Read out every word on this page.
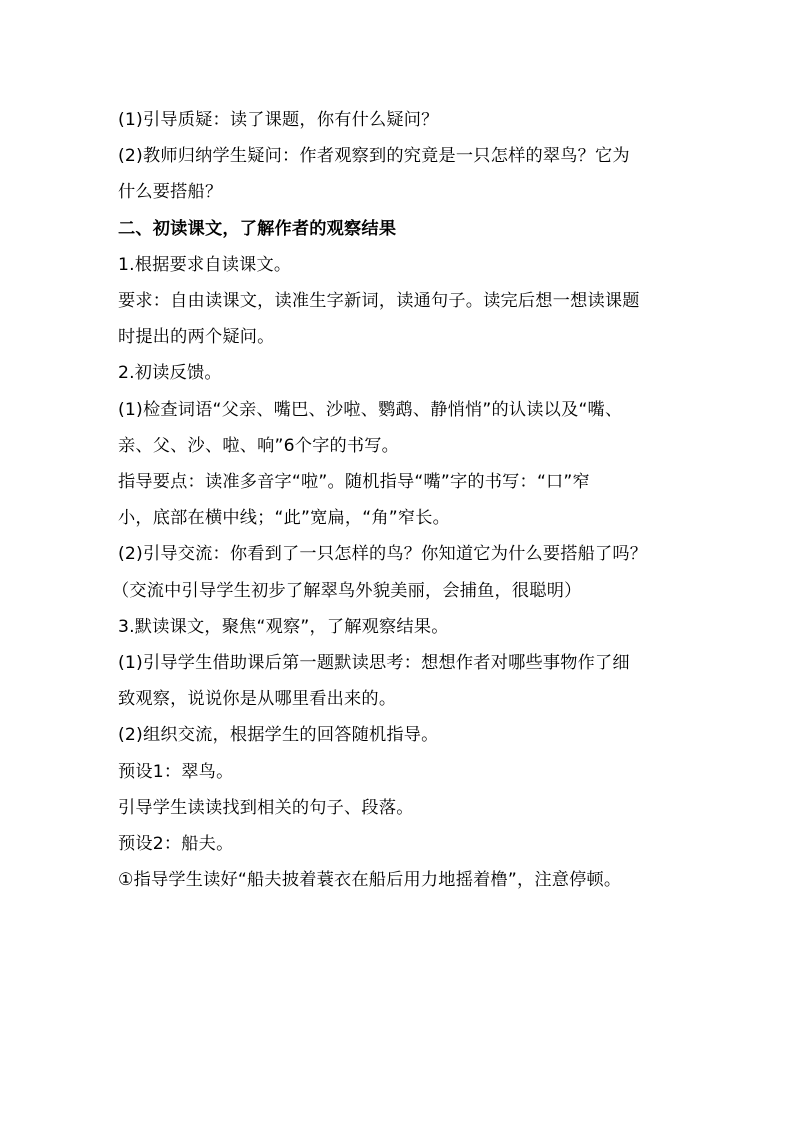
(1)引导质疑：读了课题，你有什么疑问？
(2)教师归纳学生疑问：作者观察到的究竟是一只怎样的翠鸟？它为
什么要搭船？
二、初读课文，了解作者的观察结果
1.根据要求自读课文。
要求：自由读课文，读准生字新词，读通句子。读完后想一想读课题
时提出的两个疑问。
2.初读反馈。
(1)检查词语“父亲、嘴巴、沙啦、鹦鹉、静悄悄”的认读以及“嘴、
亲、父、沙、啦、响”6个字的书写。
指导要点：读准多音字“啦”。随机指导“嘴”字的书写：“口”窄
小，底部在横中线；“此”宽扁，“角”窄长。
(2)引导交流：你看到了一只怎样的鸟？你知道它为什么要搭船了吗？
（交流中引导学生初步了解翠鸟外貌美丽，会捕鱼，很聪明）
3.默读课文，聚焦“观察”，了解观察结果。
(1)引导学生借助课后第一题默读思考：想想作者对哪些事物作了细
致观察，说说你是从哪里看出来的。
(2)组织交流，根据学生的回答随机指导。
预设1：翠鸟。
引导学生读读找到相关的句子、段落。
预设2：船夫。
①指导学生读好“船夫披着蓑衣在船后用力地摇着橹”，注意停顿。
